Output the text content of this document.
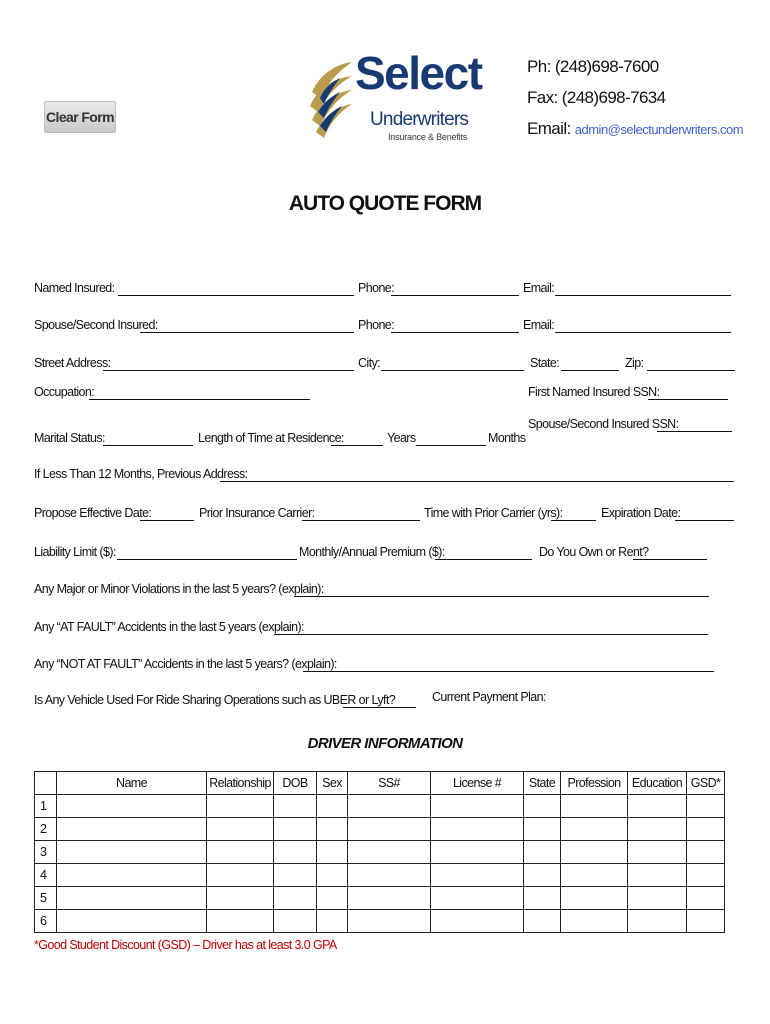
Clear Form
Select
Underwriters
Insurance & Benefits
Ph: (248)698-7600
Fax: (248)698-7634
Email: admin@selectunderwriters.com
AUTO QUOTE FORM
Named Insured:	Phone:	Email:
Spouse/Second Insured:	Phone:	Email:
Street Address:	City:	State:	Zip:
Occupation:	First Named Insured SSN:
Spouse/Second Insured SSN:
Marital Status:	Length of Time at Residence:	Years	Months
If Less Than 12 Months, Previous Address:
Propose Effective Date:	Prior Insurance Carrier:	Time with Prior Carrier (yrs):	Expiration Date:
Liability Limit ($):	Monthly/Annual Premium ($):	Do You Own or Rent?
Any Major or Minor Violations in the last 5 years? (explain):
Any “AT FAULT” Accidents in the last 5 years (explain):
Any “NOT AT FAULT” Accidents in the last 5 years? (explain):
Is Any Vehicle Used For Ride Sharing Operations such as UBER or Lyft?	Current Payment Plan:
DRIVER INFORMATION
	Name	Relationship	DOB	Sex	SS#	License #	State	Profession	Education	GSD*
1										
2										
3										
4										
5										
6										
*Good Student Discount (GSD) – Driver has at least 3.0 GPA
